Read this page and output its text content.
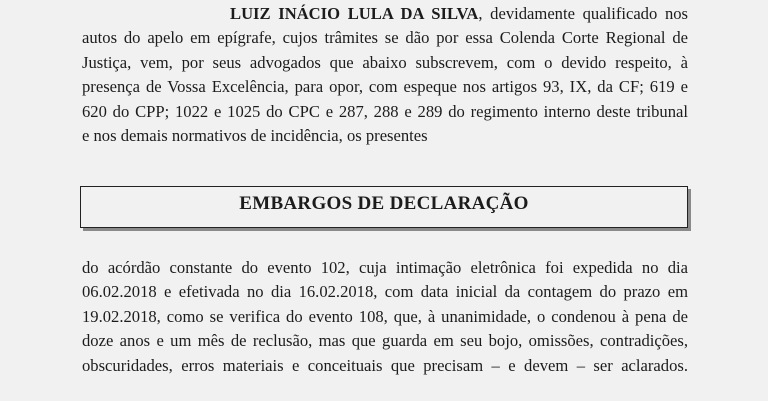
LUIZ INÁCIO LULA DA SILVA, devidamente qualificado nos
autos do apelo em epígrafe, cujos trâmites se dão por essa Colenda Corte Regional de
Justiça, vem, por seus advogados que abaixo subscrevem, com o devido respeito, à
presença de Vossa Excelência, para opor, com espeque nos artigos 93, IX, da CF; 619 e
620 do CPP; 1022 e 1025 do CPC e 287, 288 e 289 do regimento interno deste tribunal
e nos demais normativos de incidência, os presentes
EMBARGOS DE DECLARAÇÃO
do acórdão constante do evento 102, cuja intimação eletrônica foi expedida no dia
06.02.2018 e efetivada no dia 16.02.2018, com data inicial da contagem do prazo em
19.02.2018, como se verifica do evento 108, que, à unanimidade, o condenou à pena de
doze anos e um mês de reclusão, mas que guarda em seu bojo, omissões, contradições,
obscuridades, erros materiais e conceituais que precisam – e devem – ser aclarados.
